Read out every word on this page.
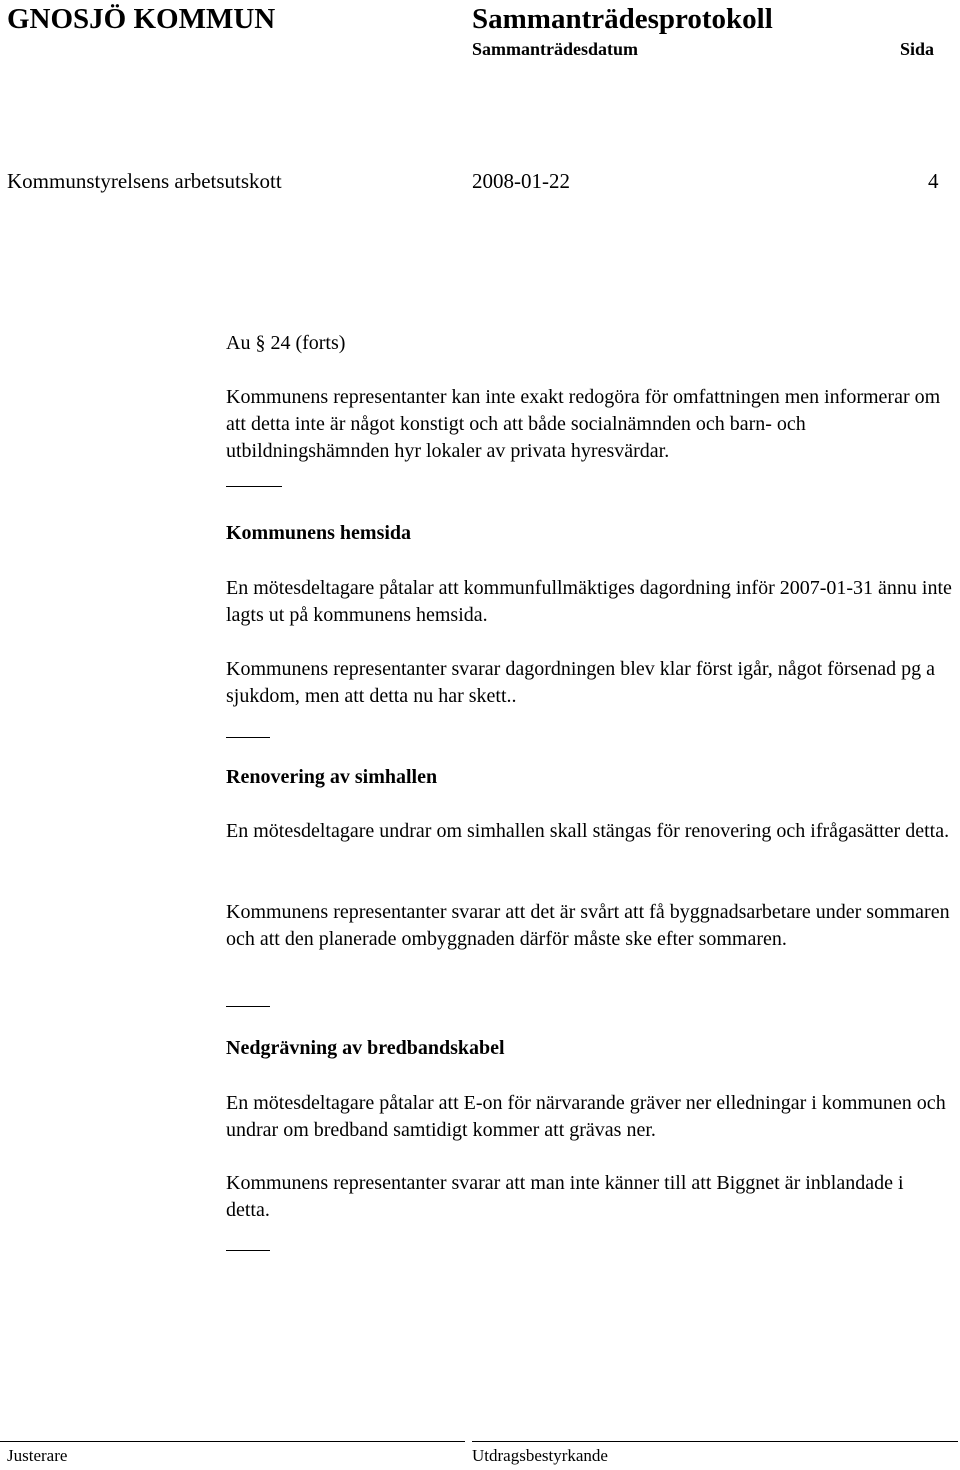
GNOSJÖ KOMMUN	Sammanträdesprotokoll
Sammanträdesdatum	Sida
Kommunstyrelsens arbetsutskott	2008-01-22	4

Au § 24 (forts)

Kommunens representanter kan inte exakt redogöra för omfattningen men informerar om att detta inte är något konstigt och att både socialnämnden och barn- och utbildningshämnden hyr lokaler av privata hyresvärdar.

Kommunens hemsida

En mötesdeltagare påtalar att kommunfullmäktiges dagordning inför 2007-01-31 ännu inte lagts ut på kommunens hemsida.

Kommunens representanter svarar dagordningen blev klar först igår, något försenad pg a sjukdom, men att detta nu har skett..

Renovering av simhallen

En mötesdeltagare undrar om simhallen skall stängas för renovering och ifrågasätter detta.

Kommunens representanter svarar att det är svårt att få byggnadsarbetare under sommaren och att den planerade ombyggnaden därför måste ske efter sommaren.

Nedgrävning av bredbandskabel

En mötesdeltagare påtalar att E-on för närvarande gräver ner elledningar i kommunen och undrar om bredband samtidigt kommer att grävas ner.

Kommunens representanter svarar att man inte känner till att Biggnet är inblandade i detta.

Justerare	Utdragsbestyrkande
